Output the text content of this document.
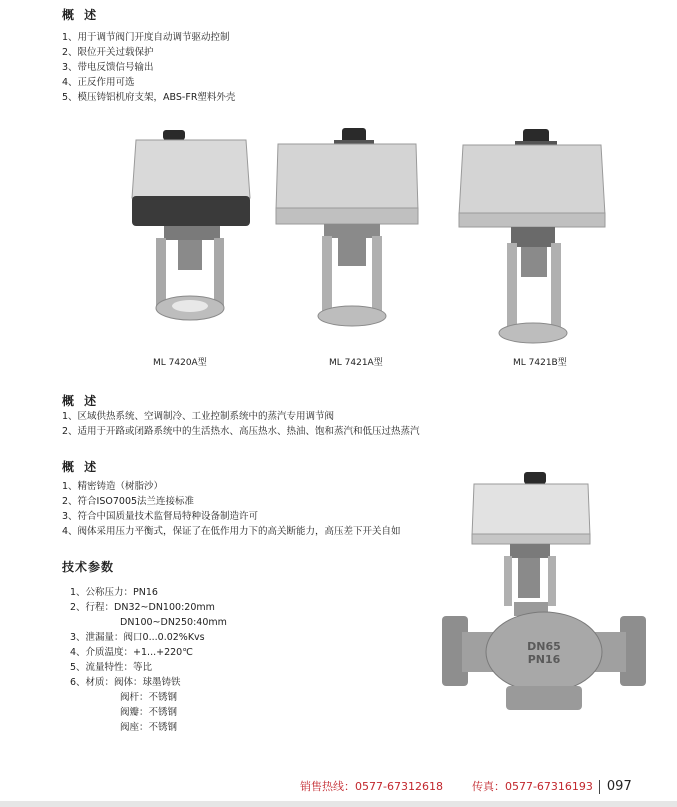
概 述
1、用于调节阀门开度自动调节驱动控制
2、限位开关过载保护
3、带电反馈信号输出
4、正反作用可选
5、模压铸铝机府支架，ABS-FR塑料外壳
ML 7420A型	ML 7421A型	ML 7421B型
概 述
1、区域供热系统、空调制冷、工业控制系统中的蒸汽专用调节阀
2、适用于开路或闭路系统中的生活热水、高压热水、热油、饱和蒸汽和低压过热蒸汽
概 述
1、精密铸造（树脂沙）
2、符合ISO7005法兰连接标准
3、符合中国质量技术监督局特种设备制造许可
4、阀体采用压力平衡式，保证了在低作用力下的高关断能力，高压差下开关自如
技术参数
1、公称压力：PN16
2、行程：DN32~DN100:20mm
DN100~DN250:40mm
3、泄漏量：阀口0...0.02%Kvs
4、介质温度：+1...+220℃
5、流量特性：等比
6、材质：阀体：球墨铸铁
阀杆：不锈钢
阀瓣：不锈钢
阀座：不锈钢
DN65
PN16
销售热线：0577-67312618	传真：0577-67316193 097
